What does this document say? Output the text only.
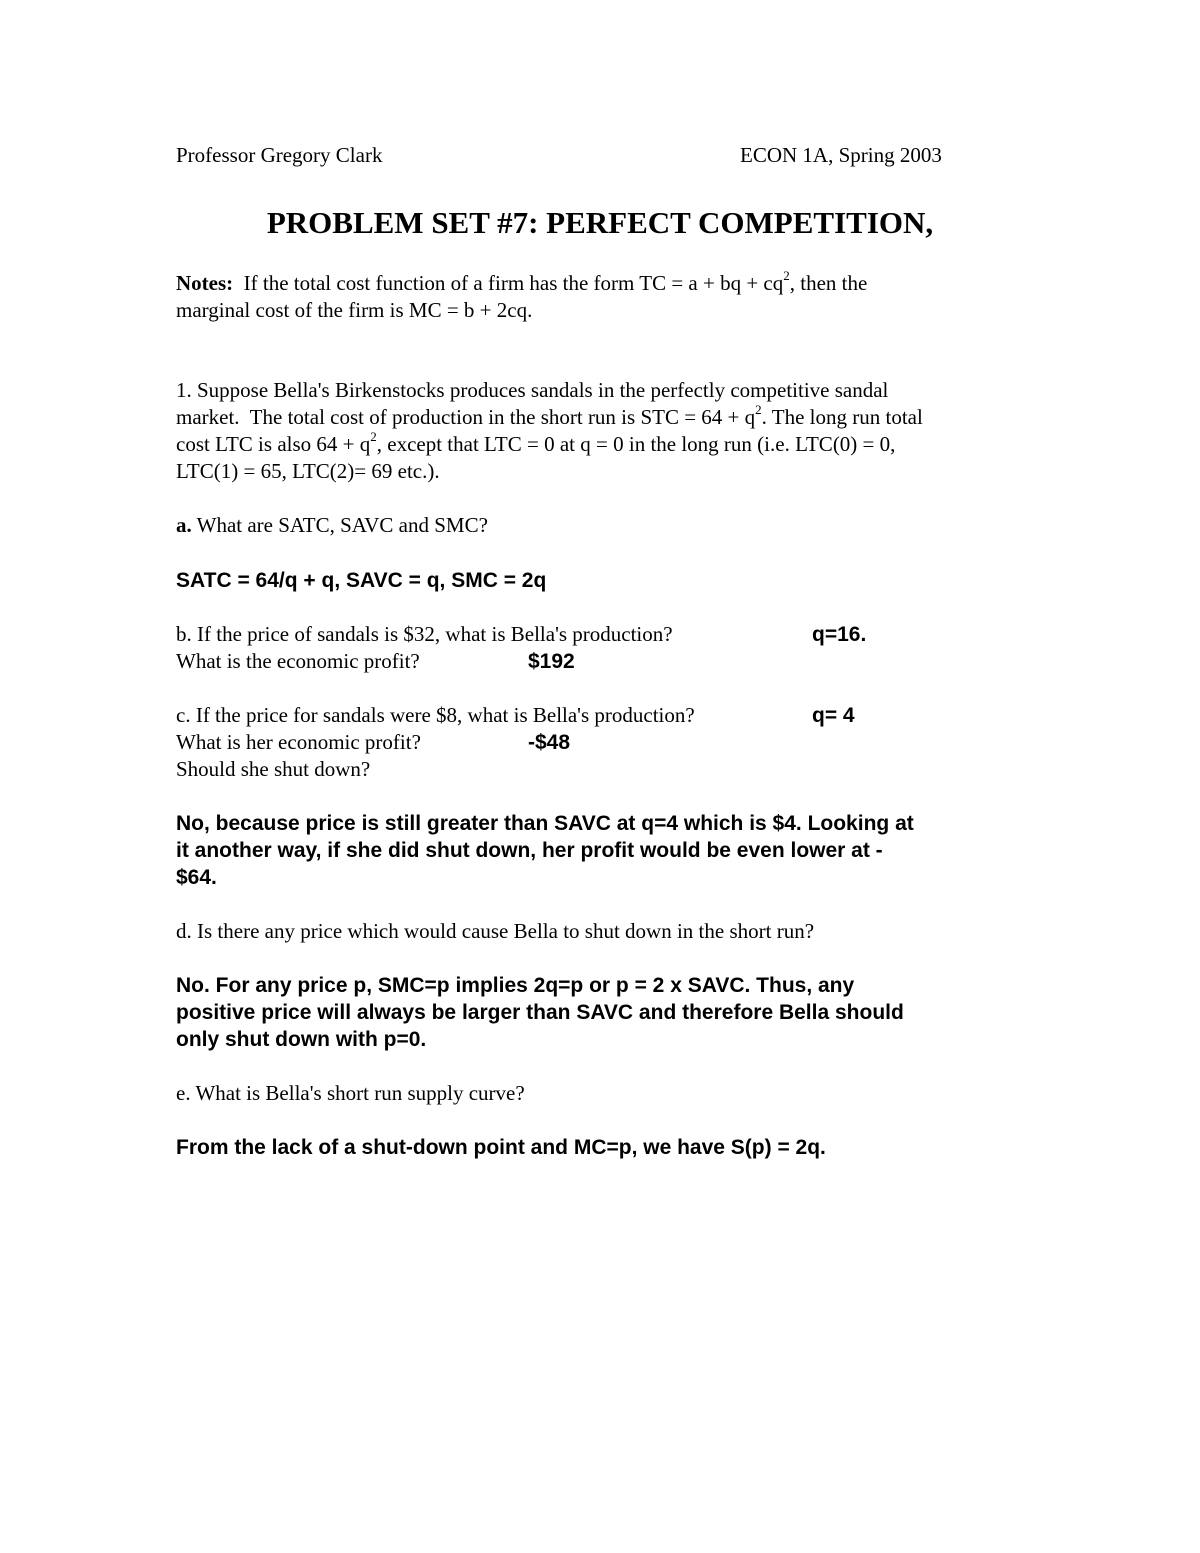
Professor Gregory Clark	ECON 1A, Spring 2003
PROBLEM SET #7: PERFECT COMPETITION,
Notes:  If the total cost function of a firm has the form TC = a + bq + $cq^2$, then the
marginal cost of the firm is MC = b + 2cq.
1. Suppose Bella's Birkenstocks produces sandals in the perfectly competitive sandal
market.  The total cost of production in the short run is STC = $64 + q^2$. The long run total
cost LTC is also $64 + q^2$, except that LTC = 0 at q = 0 in the long run (i.e. LTC(0) = 0,
LTC(1) = 65, LTC(2)= 69 etc.).
a. What are SATC, SAVC and SMC?
SATC = 64/q + q, SAVC = q, SMC = 2q
b. If the price of sandals is $32, what is Bella's production?	q=16.
What is the economic profit?	$192
c. If the price for sandals were $8, what is Bella's production?	q= 4
What is her economic profit?	-$48
Should she shut down?
No, because price is still greater than SAVC at q=4 which is $4. Looking at
it another way, if she did shut down, her profit would be even lower at -
$64.
d. Is there any price which would cause Bella to shut down in the short run?
No. For any price p, SMC=p implies 2q=p or p = 2 x SAVC. Thus, any
positive price will always be larger than SAVC and therefore Bella should
only shut down with p=0.
e. What is Bella's short run supply curve?
From the lack of a shut-down point and MC=p, we have S(p) = 2q.
